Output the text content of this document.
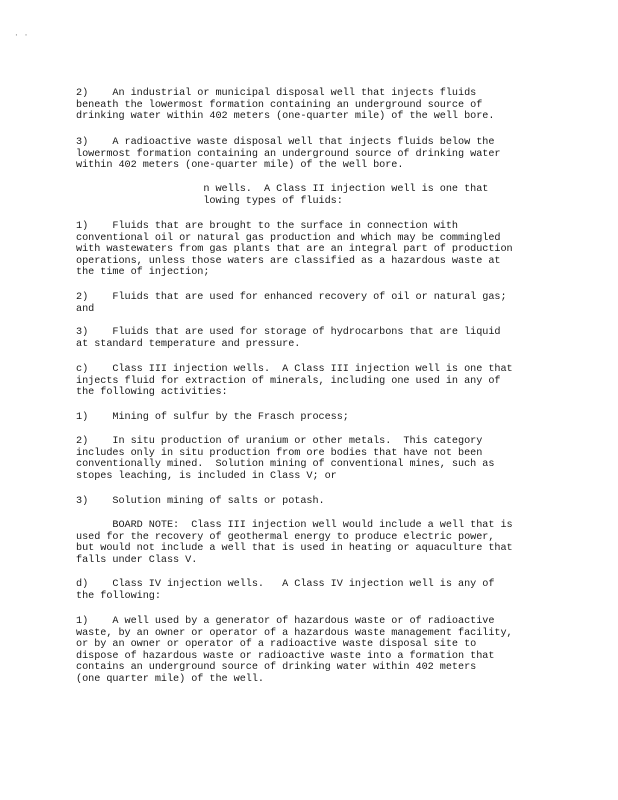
· ·

2)    An industrial or municipal disposal well that injects fluids
beneath the lowermost formation containing an underground source of
drinking water within 402 meters (one-quarter mile) of the well bore.

3)    A radioactive waste disposal well that injects fluids below the
lowermost formation containing an underground source of drinking water
within 402 meters (one-quarter mile) of the well bore.

n wells.  A Class II injection well is one that
lowing types of fluids:

1)    Fluids that are brought to the surface in connection with
conventional oil or natural gas production and which may be commingled
with wastewaters from gas plants that are an integral part of production
operations, unless those waters are classified as a hazardous waste at
the time of injection;

2)    Fluids that are used for enhanced recovery of oil or natural gas;
and

3)    Fluids that are used for storage of hydrocarbons that are liquid
at standard temperature and pressure.

c)    Class III injection wells.  A Class III injection well is one that
injects fluid for extraction of minerals, including one used in any of
the following activities:

1)    Mining of sulfur by the Frasch process;

2)    In situ production of uranium or other metals.  This category
includes only in situ production from ore bodies that have not been
conventionally mined.  Solution mining of conventional mines, such as
stopes leaching, is included in Class V; or

3)    Solution mining of salts or potash.

BOARD NOTE:  Class III injection well would include a well that is
used for the recovery of geothermal energy to produce electric power,
but would not include a well that is used in heating or aquaculture that
falls under Class V.

d)    Class IV injection wells.   A Class IV injection well is any of
the following:

1)    A well used by a generator of hazardous waste or of radioactive
waste, by an owner or operator of a hazardous waste management facility,
or by an owner or operator of a radioactive waste disposal site to
dispose of hazardous waste or radioactive waste into a formation that
contains an underground source of drinking water within 402 meters
(one quarter mile) of the well.
